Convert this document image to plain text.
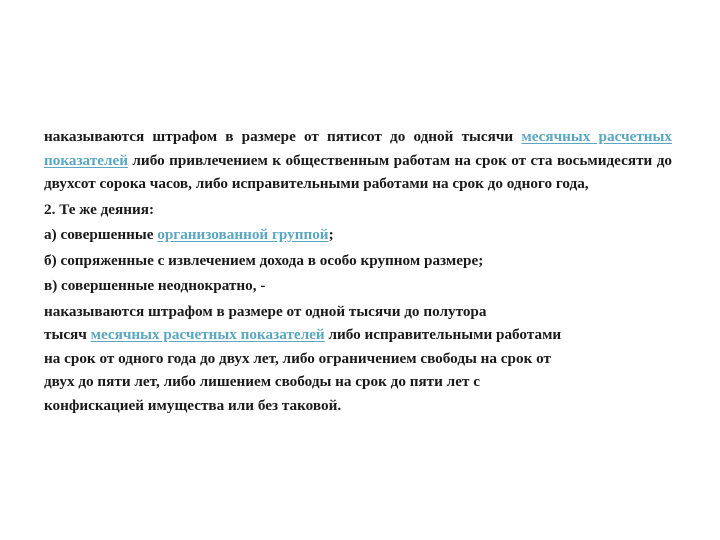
наказываются штрафом в размере от пятисот до одной тысячи месячных расчетных показателей либо привлечением к общественным работам на срок от ста восьмидесяти до двухсот сорока часов, либо исправительными работами на срок до одного года,

2. Те же деяния:

а) совершенные организованной группой;

б) сопряженные с извлечением дохода в особо крупном размере;

в) совершенные неоднократно, -

наказываются штрафом в размере от одной тысячи до полутора
тысяч месячных расчетных показателей либо исправительными работами
на срок от одного года до двух лет, либо ограничением свободы на срок от
двух до пяти лет, либо лишением свободы на срок до пяти лет с
конфискацией имущества или без таковой.
